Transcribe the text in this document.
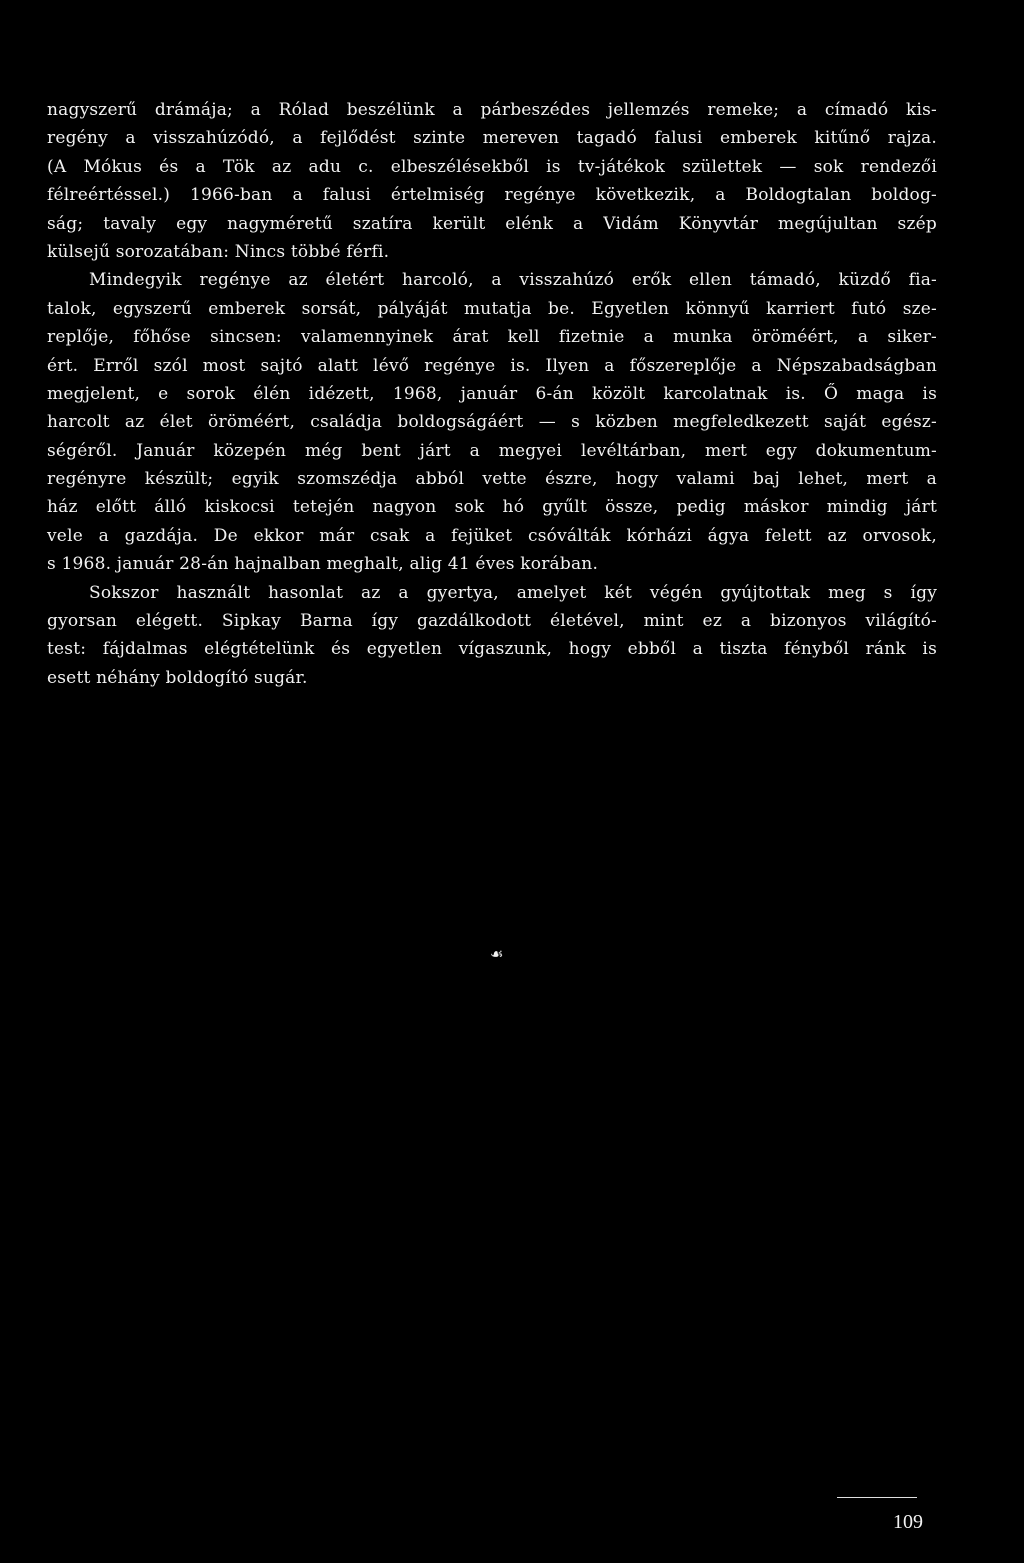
nagyszerű drámája; a Rólad beszélünk a párbeszédes jellemzés remeke; a címadó kis-
regény a visszahúzódó, a fejlődést szinte mereven tagadó falusi emberek kitűnő rajza.
(A Mókus és a Tök az adu c. elbeszélésekből is tv-játékok születtek — sok rendezői
félreértéssel.) 1966-ban a falusi értelmiség regénye következik, a Boldogtalan boldog-
ság; tavaly egy nagyméretű szatíra került elénk a Vidám Könyvtár megújultan szép
külsejű sorozatában: Nincs többé férfi.
Mindegyik regénye az életért harcoló, a visszahúzó erők ellen támadó, küzdő fia-
talok, egyszerű emberek sorsát, pályáját mutatja be. Egyetlen könnyű karriert futó sze-
replője, főhőse sincsen: valamennyinek árat kell fizetnie a munka öröméért, a siker-
ért. Erről szól most sajtó alatt lévő regénye is. Ilyen a főszereplője a Népszabadságban
megjelent, e sorok élén idézett, 1968, január 6-án közölt karcolatnak is. Ő maga is
harcolt az élet öröméért, családja boldogságáért — s közben megfeledkezett saját egész-
ségéről. Január közepén még bent járt a megyei levéltárban, mert egy dokumentum-
regényre készült; egyik szomszédja abból vette észre, hogy valami baj lehet, mert a
ház előtt álló kiskocsi tetején nagyon sok hó gyűlt össze, pedig máskor mindig járt
vele a gazdája. De ekkor már csak a fejüket csóválták kórházi ágya felett az orvosok,
s 1968. január 28-án hajnalban meghalt, alig 41 éves korában.
Sokszor használt hasonlat az a gyertya, amelyet két végén gyújtottak meg s így
gyorsan elégett. Sipkay Barna így gazdálkodott életével, mint ez a bizonyos világító-
test: fájdalmas elégtételünk és egyetlen vígaszunk, hogy ebből a tiszta fényből ránk is
esett néhány boldogító sugár.
☙
109
